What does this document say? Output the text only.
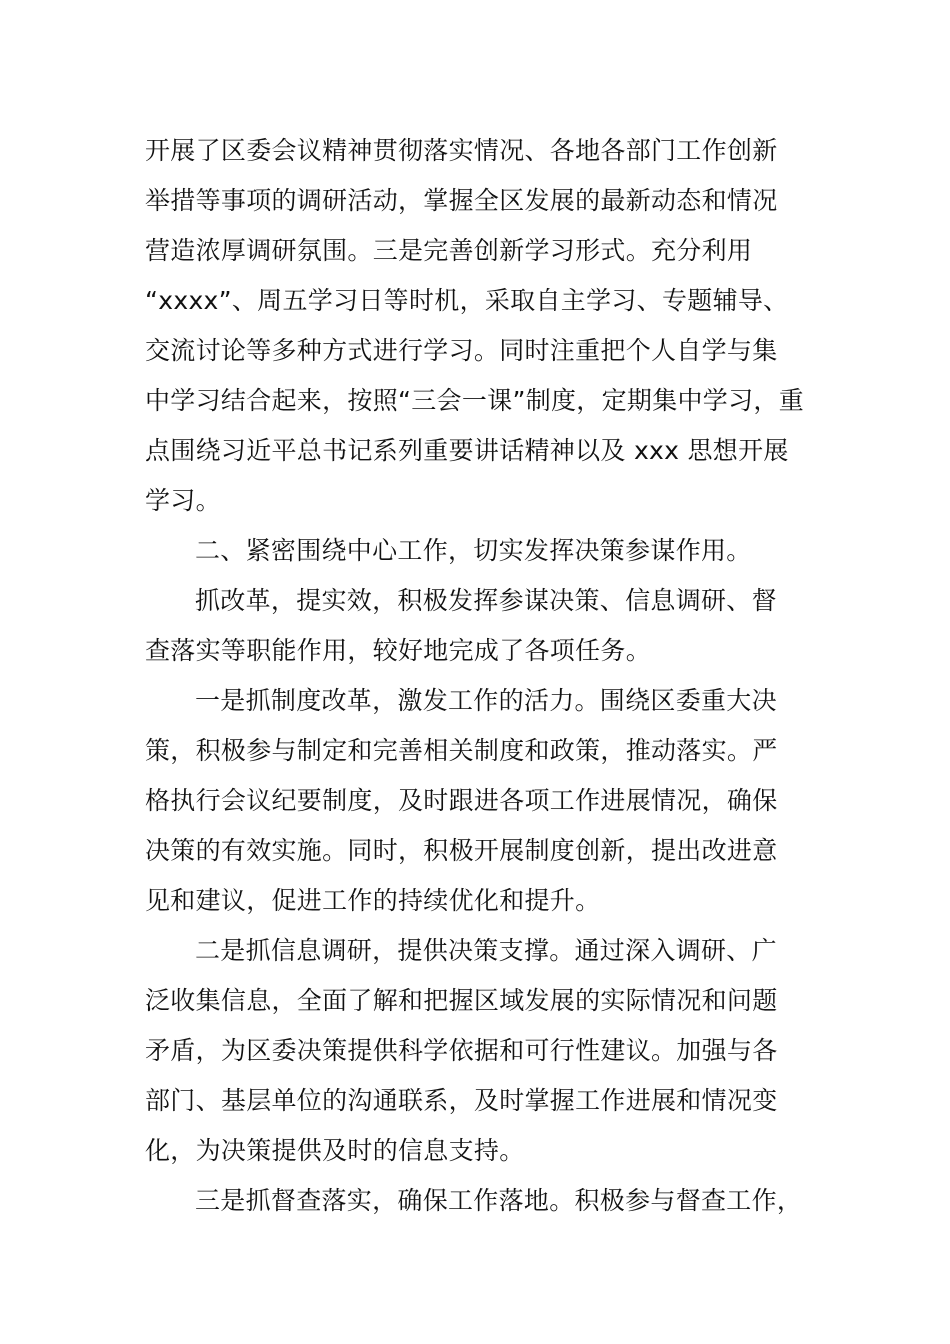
开展了区委会议精神贯彻落实情况、各地各部门工作创新
举措等事项的调研活动，掌握全区发展的最新动态和情况
营造浓厚调研氛围。三是完善创新学习形式。充分利用
“xxxx”、周五学习日等时机，采取自主学习、专题辅导、
交流讨论等多种方式进行学习。同时注重把个人自学与集
中学习结合起来，按照“三会一课”制度，定期集中学习，重
点围绕习近平总书记系列重要讲话精神以及 xxx 思想开展
学习。
二、紧密围绕中心工作，切实发挥决策参谋作用。
抓改革，提实效，积极发挥参谋决策、信息调研、督
查落实等职能作用，较好地完成了各项任务。
一是抓制度改革，激发工作的活力。围绕区委重大决
策，积极参与制定和完善相关制度和政策，推动落实。严
格执行会议纪要制度，及时跟进各项工作进展情况，确保
决策的有效实施。同时，积极开展制度创新，提出改进意
见和建议，促进工作的持续优化和提升。
二是抓信息调研，提供决策支撑。通过深入调研、广
泛收集信息，全面了解和把握区域发展的实际情况和问题
矛盾，为区委决策提供科学依据和可行性建议。加强与各
部门、基层单位的沟通联系，及时掌握工作进展和情况变
化，为决策提供及时的信息支持。
三是抓督查落实，确保工作落地。积极参与督查工作，
